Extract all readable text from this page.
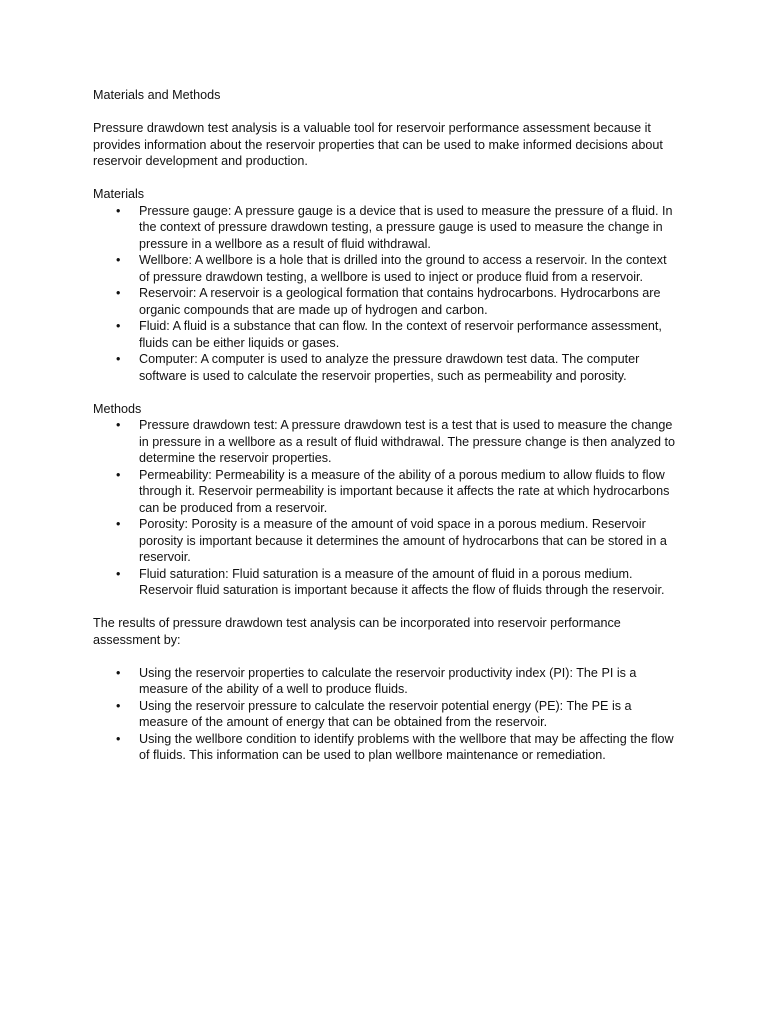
Materials and Methods

Pressure drawdown test analysis is a valuable tool for reservoir performance assessment because it provides information about the reservoir properties that can be used to make informed decisions about reservoir development and production.

Materials

•	Pressure gauge: A pressure gauge is a device that is used to measure the pressure of a fluid. In the context of pressure drawdown testing, a pressure gauge is used to measure the change in pressure in a wellbore as a result of fluid withdrawal.
•	Wellbore: A wellbore is a hole that is drilled into the ground to access a reservoir. In the context of pressure drawdown testing, a wellbore is used to inject or produce fluid from a reservoir.
•	Reservoir: A reservoir is a geological formation that contains hydrocarbons. Hydrocarbons are organic compounds that are made up of hydrogen and carbon.
•	Fluid: A fluid is a substance that can flow. In the context of reservoir performance assessment, fluids can be either liquids or gases.
•	Computer: A computer is used to analyze the pressure drawdown test data. The computer software is used to calculate the reservoir properties, such as permeability and porosity.

Methods

•	Pressure drawdown test: A pressure drawdown test is a test that is used to measure the change in pressure in a wellbore as a result of fluid withdrawal. The pressure change is then analyzed to determine the reservoir properties.
•	Permeability: Permeability is a measure of the ability of a porous medium to allow fluids to flow through it. Reservoir permeability is important because it affects the rate at which hydrocarbons can be produced from a reservoir.
•	Porosity: Porosity is a measure of the amount of void space in a porous medium. Reservoir porosity is important because it determines the amount of hydrocarbons that can be stored in a reservoir.
•	Fluid saturation: Fluid saturation is a measure of the amount of fluid in a porous medium. Reservoir fluid saturation is important because it affects the flow of fluids through the reservoir.

The results of pressure drawdown test analysis can be incorporated into reservoir performance assessment by:

•	Using the reservoir properties to calculate the reservoir productivity index (PI): The PI is a measure of the ability of a well to produce fluids.
•	Using the reservoir pressure to calculate the reservoir potential energy (PE): The PE is a measure of the amount of energy that can be obtained from the reservoir.
•	Using the wellbore condition to identify problems with the wellbore that may be affecting the flow of fluids. This information can be used to plan wellbore maintenance or remediation.
